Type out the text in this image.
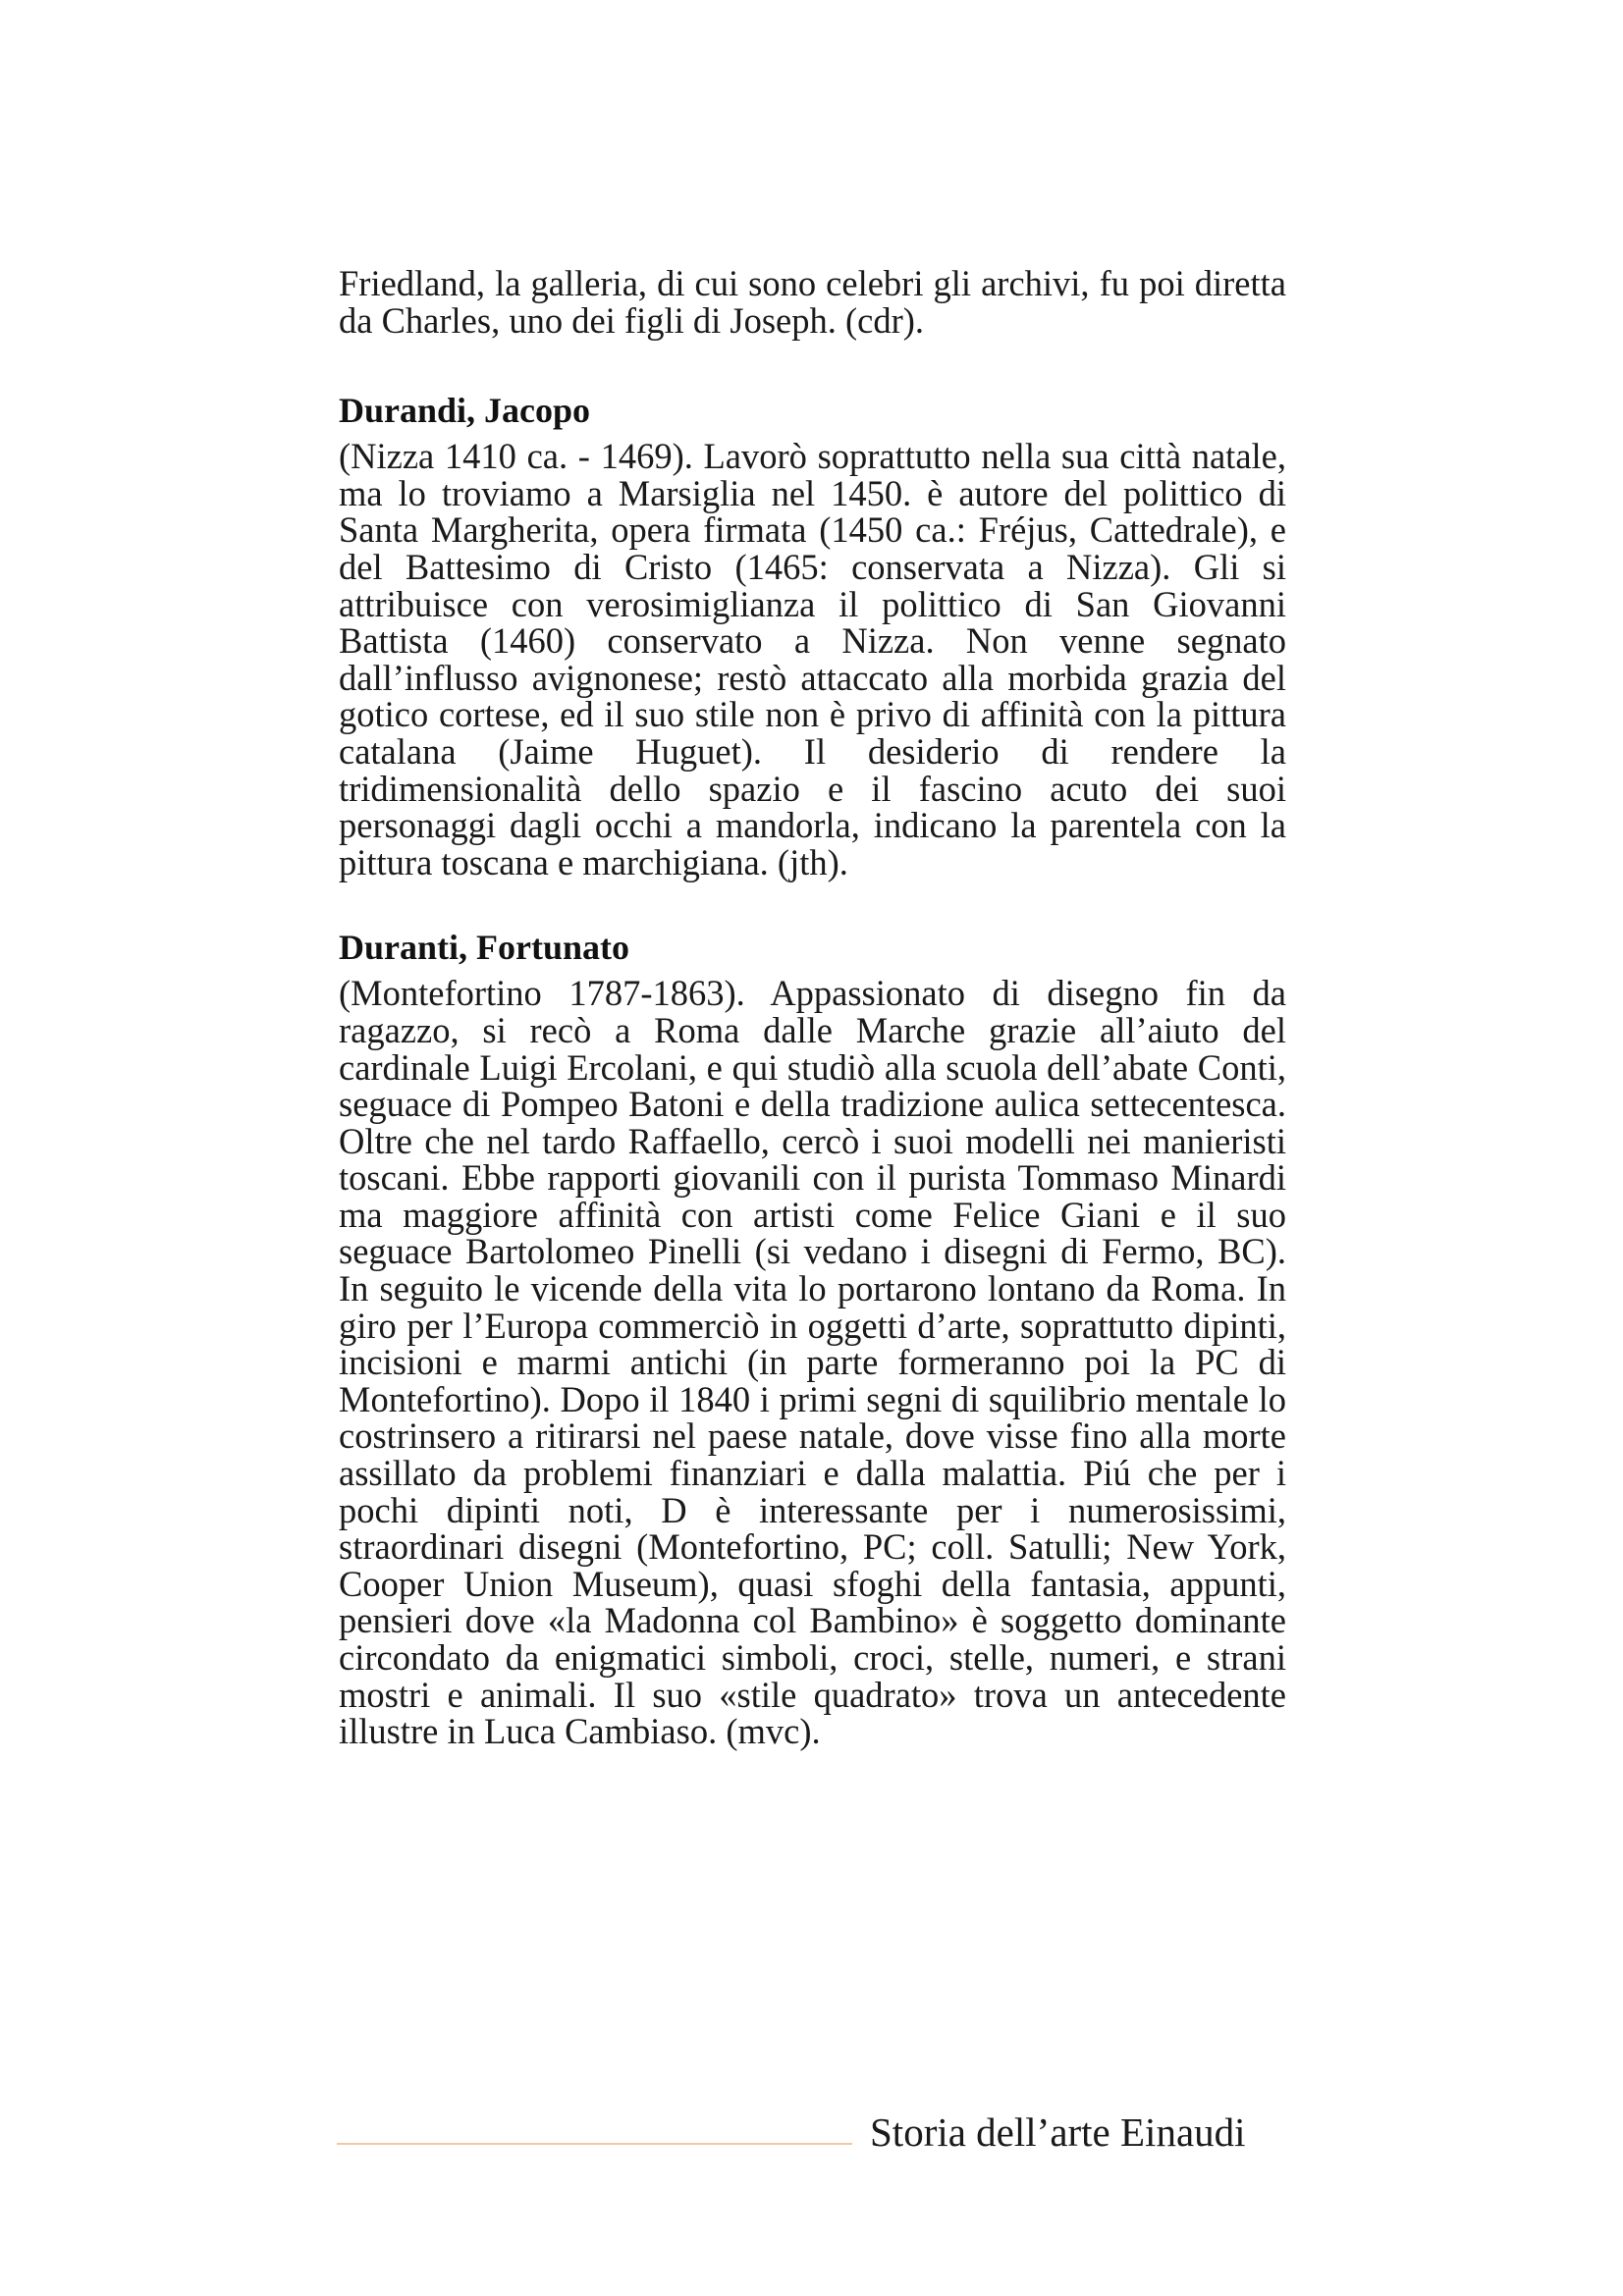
Friedland, la galleria, di cui sono celebri gli archivi, fu poi diretta da Charles, uno dei figli di Joseph. (cdr).

Durandi, Jacopo

(Nizza 1410 ca. - 1469). Lavorò soprattutto nella sua città natale, ma lo troviamo a Marsiglia nel 1450. è autore del polittico di Santa Margherita, opera firmata (1450 ca.: Fréjus, Cattedrale), e del Battesimo di Cristo (1465: conservata a Nizza). Gli si attribuisce con verosimiglianza il polittico di San Giovanni Battista (1460) conservato a Nizza. Non venne segnato dall’influsso avignonese; restò attaccato alla morbida grazia del gotico cortese, ed il suo stile non è privo di affinità con la pittura catalana (Jaime Huguet). Il desiderio di rendere la tridimensionalità dello spazio e il fascino acuto dei suoi personaggi dagli occhi a mandorla, indicano la parentela con la pittura toscana e marchigiana. (jth).

Duranti, Fortunato

(Montefortino 1787-1863). Appassionato di disegno fin da ragazzo, si recò a Roma dalle Marche grazie all’aiuto del cardinale Luigi Ercolani, e qui studiò alla scuola dell’abate Conti, seguace di Pompeo Batoni e della tradizione aulica settecentesca. Oltre che nel tardo Raffaello, cercò i suoi modelli nei manieristi toscani. Ebbe rapporti giovanili con il purista Tommaso Minardi ma maggiore affinità con artisti come Felice Giani e il suo seguace Bartolomeo Pinelli (si vedano i disegni di Fermo, BC). In seguito le vicende della vita lo portarono lontano da Roma. In giro per l’Europa commerciò in oggetti d’arte, soprattutto dipinti, incisioni e marmi antichi (in parte formeranno poi la PC di Montefortino). Dopo il 1840 i primi segni di squilibrio mentale lo costrinsero a ritirarsi nel paese natale, dove visse fino alla morte assillato da problemi finanziari e dalla malattia. Piú che per i pochi dipinti noti, D è interessante per i numerosissimi, straordinari disegni (Montefortino, PC; coll. Satulli; New York, Cooper Union Museum), quasi sfoghi della fantasia, appunti, pensieri dove «la Madonna col Bambino» è soggetto dominante circondato da enigmatici simboli, croci, stelle, numeri, e strani mostri e animali. Il suo «stile quadrato» trova un antecedente illustre in Luca Cambiaso. (mvc).

Storia dell’arte Einaudi
